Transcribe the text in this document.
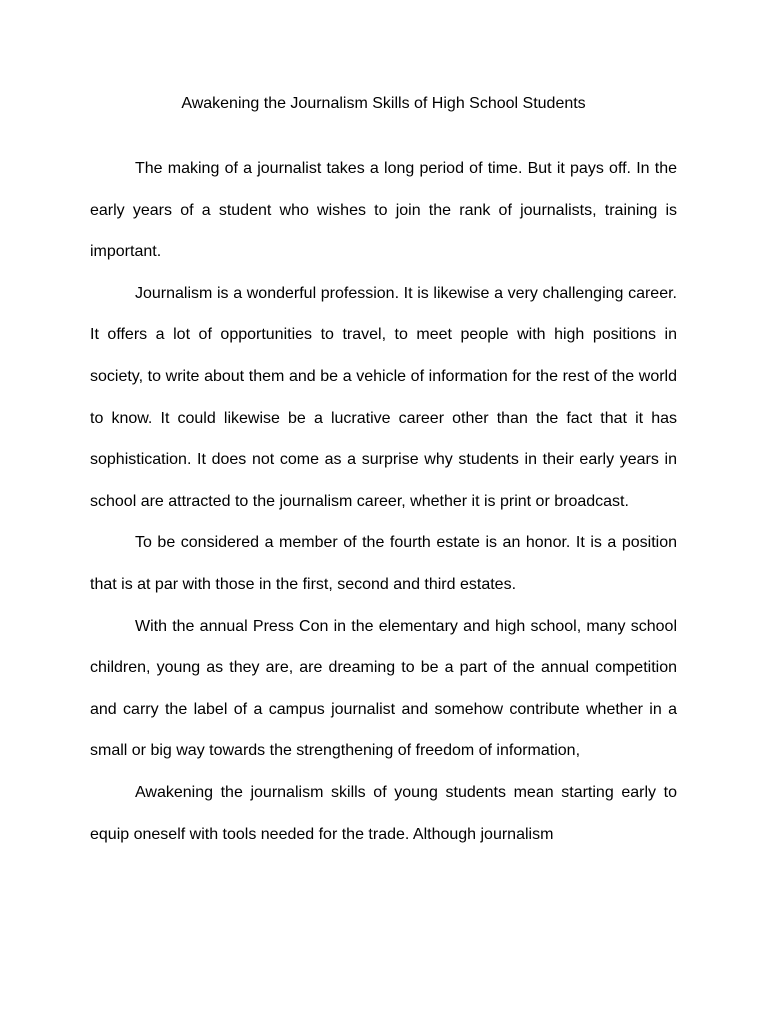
Awakening the Journalism Skills of High School Students

The making of a journalist takes a long period of time. But it pays off. In the early years of a student who wishes to join the rank of journalists, training is important.

Journalism is a wonderful profession. It is likewise a very challenging career. It offers a lot of opportunities to travel, to meet people with high positions in society, to write about them and be a vehicle of information for the rest of the world to know. It could likewise be a lucrative career other than the fact that it has sophistication. It does not come as a surprise why students in their early years in school are attracted to the journalism career, whether it is print or broadcast.

To be considered a member of the fourth estate is an honor. It is a position that is at par with those in the first, second and third estates.

With the annual Press Con in the elementary and high school, many school children, young as they are, are dreaming to be a part of the annual competition and carry the label of a campus journalist and somehow contribute whether in a small or big way towards the strengthening of freedom of information,

Awakening the journalism skills of young students mean starting early to equip oneself with tools needed for the trade. Although journalism
